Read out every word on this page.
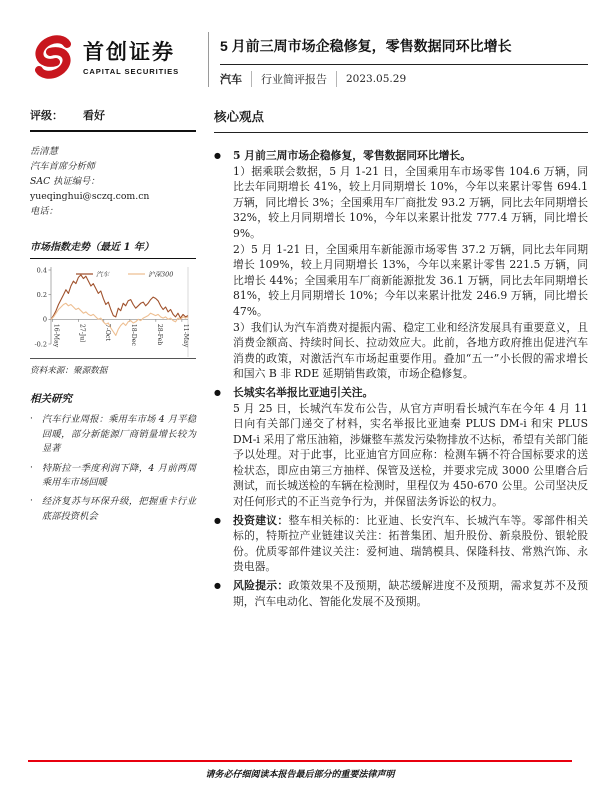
首创证券
CAPITAL SECURITIES
5 月前三周市场企稳修复，零售数据同环比增长
汽车	行业简评报告	2023.05.29
评级： 看好
岳清慧
汽车首席分析师
SAC 执证编号：
yueqinghui@sczq.com.cn
电话：
市场指数走势（最近 1 年）
0.4
0.2
0
-0.2 16-May	27-Jul	7-Oct	18-Dec	28-Feb	11-May
汽车	沪深300
资料来源：聚源数据
相关研究
· 汽车行业周报：乘用车市场 4 月平稳回暖，部分新能源厂商销量增长较为显著
· 特斯拉一季度利润下降，4 月前两周乘用车市场回暖
· 经济复苏与环保升级，把握重卡行业底部投资机会
核心观点
● 5 月前三周市场企稳修复，零售数据同环比增长。

1）据乘联会数据，5 月 1-21 日，全国乘用车市场零售 104.6 万辆，同比去年同期增长 41%，较上月同期增长 10%，今年以来累计零售 694.1 万辆，同比增长 3%；全国乘用车厂商批发 93.2 万辆，同比去年同期增长 32%，较上月同期增长 10%，今年以来累计批发 777.4 万辆，同比增长 9%。

2）5 月 1-21 日，全国乘用车新能源市场零售 37.2 万辆，同比去年同期增长 109%，较上月同期增长 13%，今年以来累计零售 221.5 万辆，同比增长 44%；全国乘用车厂商新能源批发 36.1 万辆，同比去年同期增长 81%，较上月同期增长 10%；今年以来累计批发 246.9 万辆，同比增长 47%。

3）我们认为汽车消费对提振内需、稳定工业和经济发展具有重要意义，且消费金额高、持续时间长、拉动效应大。此前，各地方政府推出促进汽车消费的政策，对激活汽车市场起重要作用。叠加“五一”小长假的需求增长和国六 B 非 RDE 延期销售政策，市场企稳修复。

● 长城实名举报比亚迪引关注。

5 月 25 日，长城汽车发布公告，从官方声明看长城汽车在今年 4 月 11 日向有关部门递交了材料，实名举报比亚迪秦 PLUS DM-i 和宋 PLUS DM-i 采用了常压油箱，涉嫌整车蒸发污染物排放不达标，希望有关部门能予以处理。对于此事，比亚迪官方回应称：检测车辆不符合国标要求的送检状态，即应由第三方抽样、保管及送检，并要求完成 3000 公里磨合后测试，而长城送检的车辆在检测时，里程仅为 450-670 公里。公司坚决反对任何形式的不正当竞争行为，并保留法务诉讼的权力。

● 投资建议：整车相关标的：比亚迪、长安汽车、长城汽车等。零部件相关标的，特斯拉产业链建议关注：拓普集团、旭升股份、新泉股份、银轮股份。优质零部件建议关注：爱柯迪、瑞鹄模具、保隆科技、常熟汽饰、永贵电器。

● 风险提示：政策效果不及预期，缺芯缓解进度不及预期，需求复苏不及预期，汽车电动化、智能化发展不及预期。

请务必仔细阅读本报告最后部分的重要法律声明
